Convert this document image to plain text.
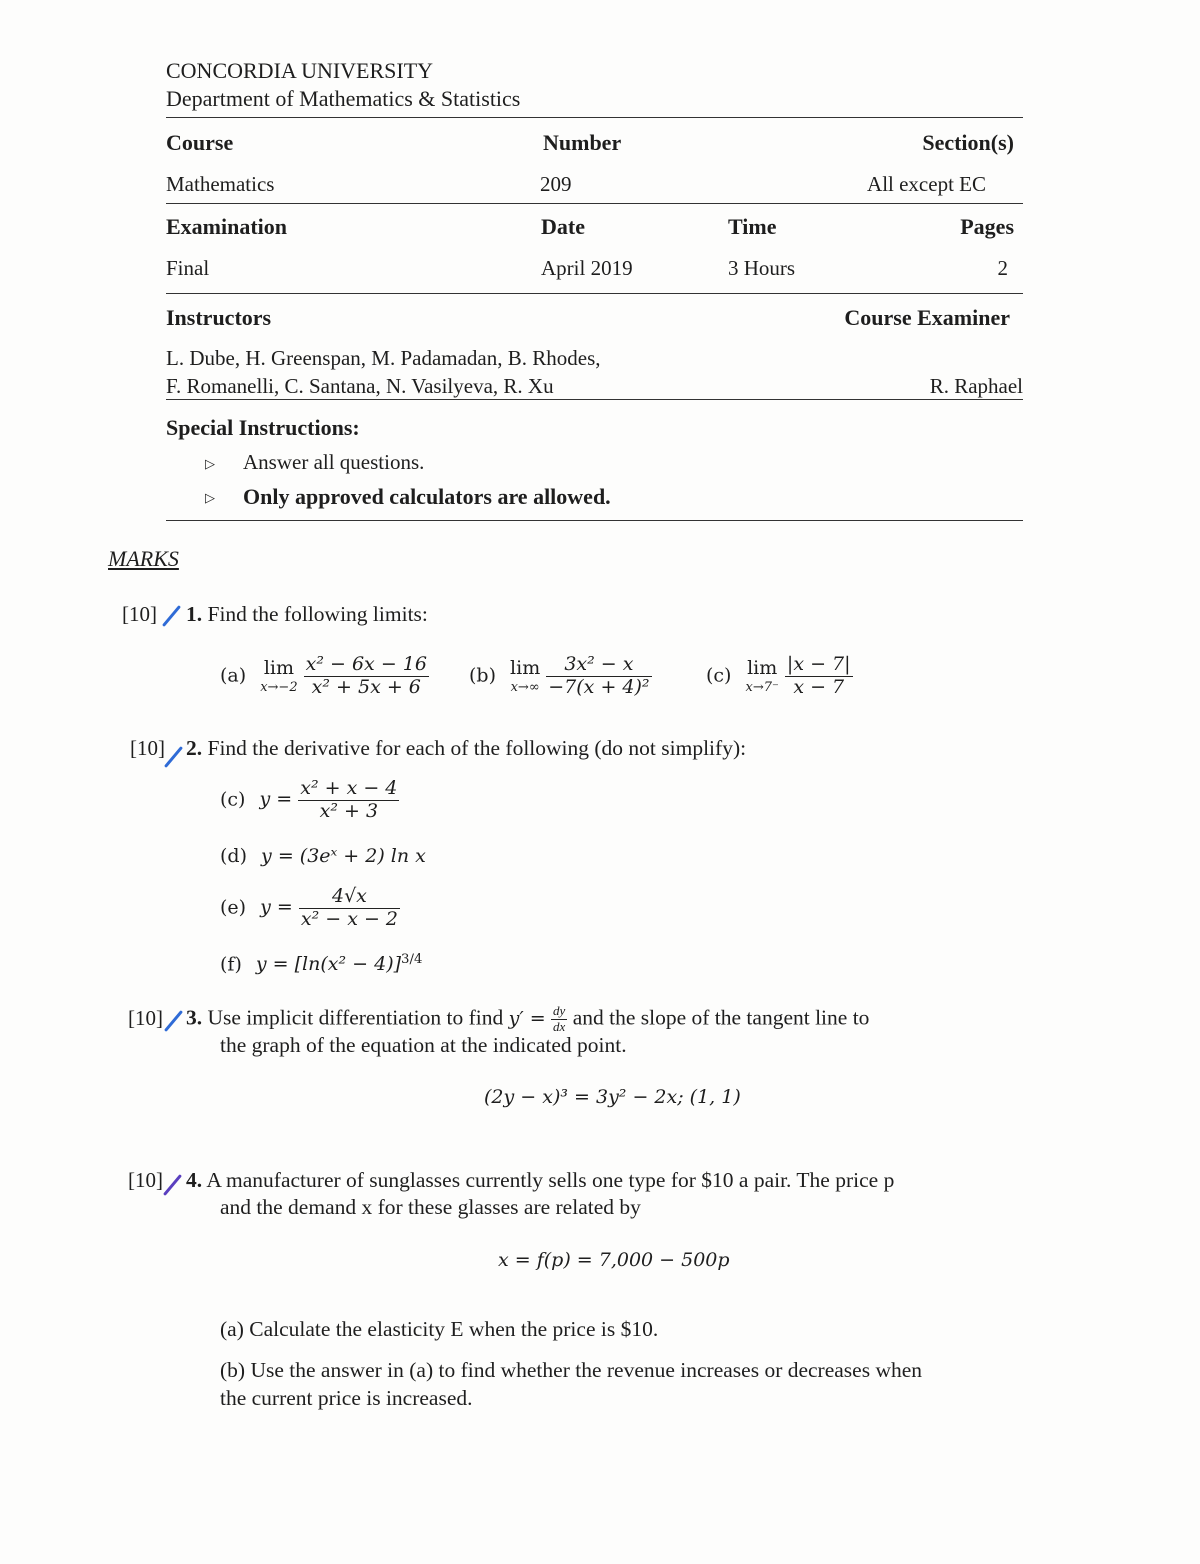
CONCORDIA UNIVERSITY
Department of Mathematics & Statistics
Course	Number	Section(s)
Mathematics	209	All except EC
Examination	Date	Time	Pages
Final	April 2019	3 Hours	2
Instructors	Course Examiner
L. Dube, H. Greenspan, M. Padamadan, B. Rhodes,
F. Romanelli, C. Santana, N. Vasilyeva, R. Xu	R. Raphael
Special Instructions:
▷ Answer all questions.
▷ Only approved calculators are allowed.
MARKS
[10] 1. Find the following limits:
(a) lim
x→−2
$\frac{\text{x² − 6x − 16}}{\text{x² + 5x + 6}} (b)$ lim
x→∞
$\frac{\text{3x² − x}}{\text{−7(x + 4)²}}$	(c) lim
x→7⁻
$\frac{|x - 7|}{x - 7}$
[10] 2. Find the derivative for each of the following (do not simplify):
(c) $y = \frac{\text{x² + x − 4}}{\text{x² + 3}}$
(d) y = (3eˣ + 2) ln x
(e) $y = \frac{4√x}{\text{x² − x − 2}}$
(f) $y = [\ln(x^2 - 4)]^{3/4}$
[10] 3. Use implicit differentiation to find $y' = \frac{dy}{dx}$ and the slope of the tangent line to
the graph of the equation at the indicated point.
(2y − x)³ = 3y² − 2x; (1, 1)
[10] 4. A manufacturer of sunglasses currently sells one type for $10 a pair. The price p
and the demand x for these glasses are related by
x = f(p) = 7,000 − 500p
(a) Calculate the elasticity E when the price is $10.
(b) Use the answer in (a) to find whether the revenue increases or decreases when
the current price is increased.
